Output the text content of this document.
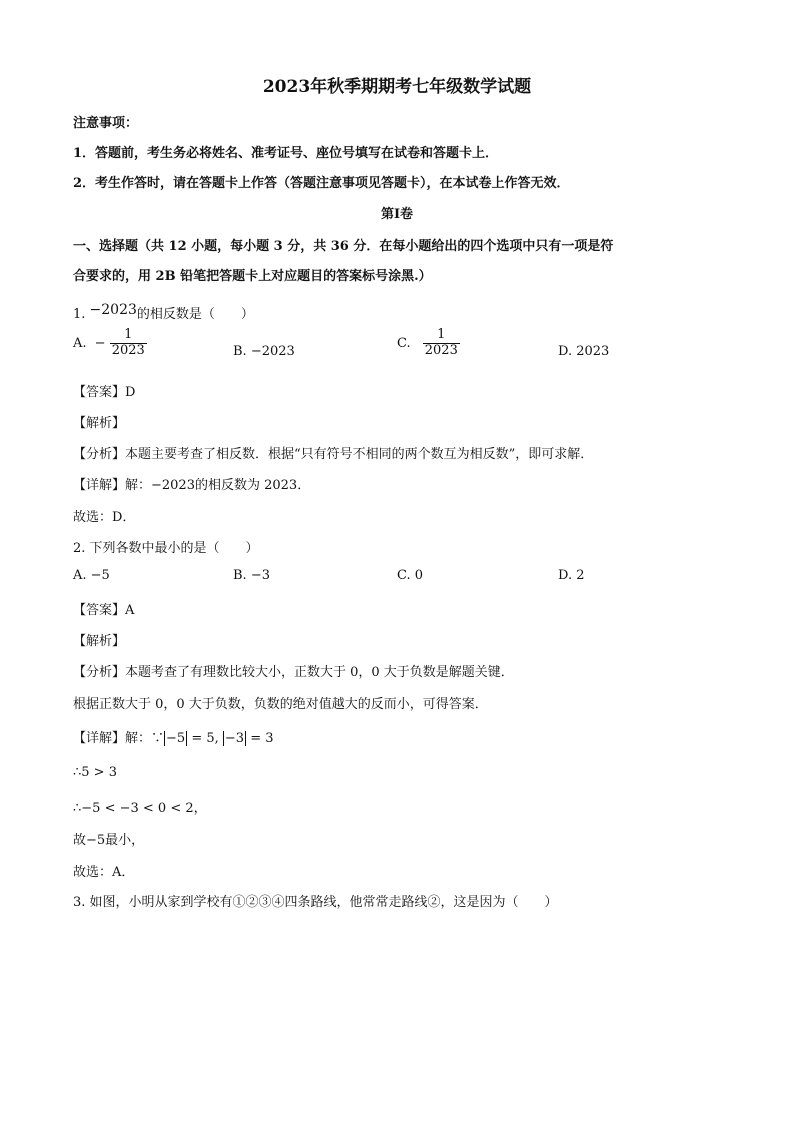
2023年秋季期期考七年级数学试题
注意事项：
1．答题前，考生务必将姓名、准考证号、座位号填写在试卷和答题卡上．
2．考生作答时，请在答题卡上作答（答题注意事项见答题卡），在本试卷上作答无效．
第Ⅰ卷
一、选择题（共 12 小题，每小题 3 分，共 36 分．在每小题给出的四个选项中只有一项是符
合要求的，用 2B 铅笔把答题卡上对应题目的答案标号涂黑.）
1. −2023的相反数是（　　）
A. − $\frac{1}{2023}$	B. −2023
C. $\frac{1}{2023}$	D. 2023
【答案】D
【解析】
【分析】本题主要考查了相反数．根据“只有符号不相同的两个数互为相反数”，即可求解．
【详解】解：−2023的相反数为 2023．
故选：D．
2. 下列各数中最小的是（　　）
A. −5	B. −3	C. 0	D. 2
【答案】A
【解析】
【分析】本题考查了有理数比较大小，正数大于 0，0 大于负数是解题关键．
根据正数大于 0，0 大于负数，负数的绝对值越大的反而小，可得答案．
【详解】解：∵ −5 = 5, −3 = 3
∴5 > 3
∴−5 < −3 < 0 < 2，
故−5最小，
故选：A．
3. 如图，小明从家到学校有①②③④四条路线，他常常走路线②，这是因为（　　）
